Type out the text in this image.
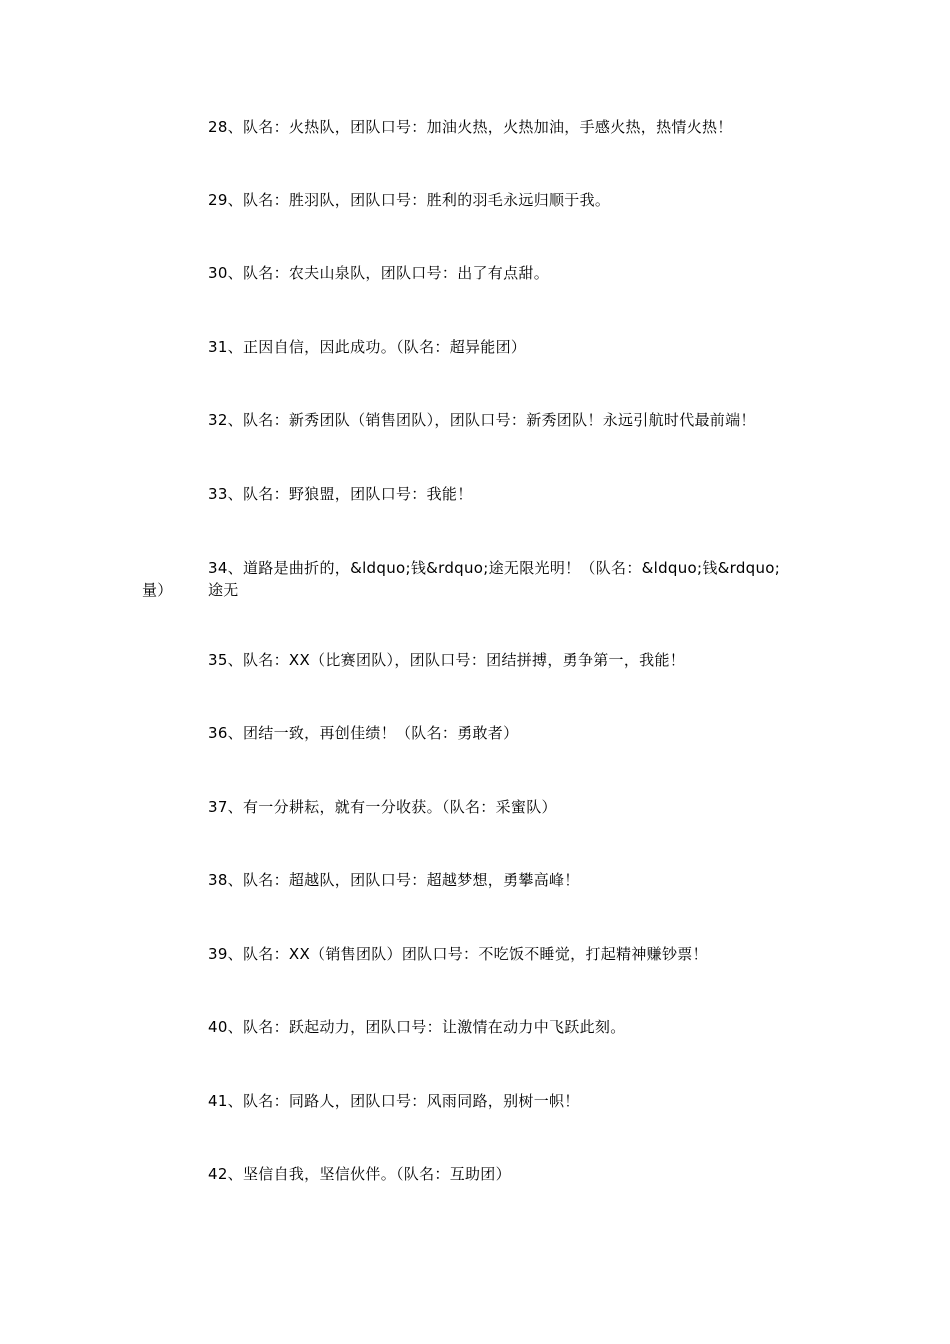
28、队名：火热队，团队口号：加油火热，火热加油，手感火热，热情火热！
29、队名：胜羽队，团队口号：胜利的羽毛永远归顺于我。
30、队名：农夫山泉队，团队口号：出了有点甜。
31、正因自信，因此成功。（队名：超异能团）
32、队名：新秀团队（销售团队），团队口号：新秀团队！永远引航时代最前端！
33、队名：野狼盟，团队口号：我能！
34、道路是曲折的，&ldquo;钱&rdquo;途无限光明！（队名：&ldquo;钱&rdquo;
量） 途无
35、队名：XX（比赛团队），团队口号：团结拼搏，勇争第一，我能！
36、团结一致，再创佳绩！（队名：勇敢者）
37、有一分耕耘，就有一分收获。（队名：采蜜队）
38、队名：超越队，团队口号：超越梦想，勇攀高峰！
39、队名：XX（销售团队）团队口号：不吃饭不睡觉，打起精神赚钞票！
40、队名：跃起动力，团队口号：让激情在动力中飞跃此刻。
41、队名：同路人，团队口号：风雨同路，别树一帜！
42、坚信自我，坚信伙伴。（队名：互助团）
